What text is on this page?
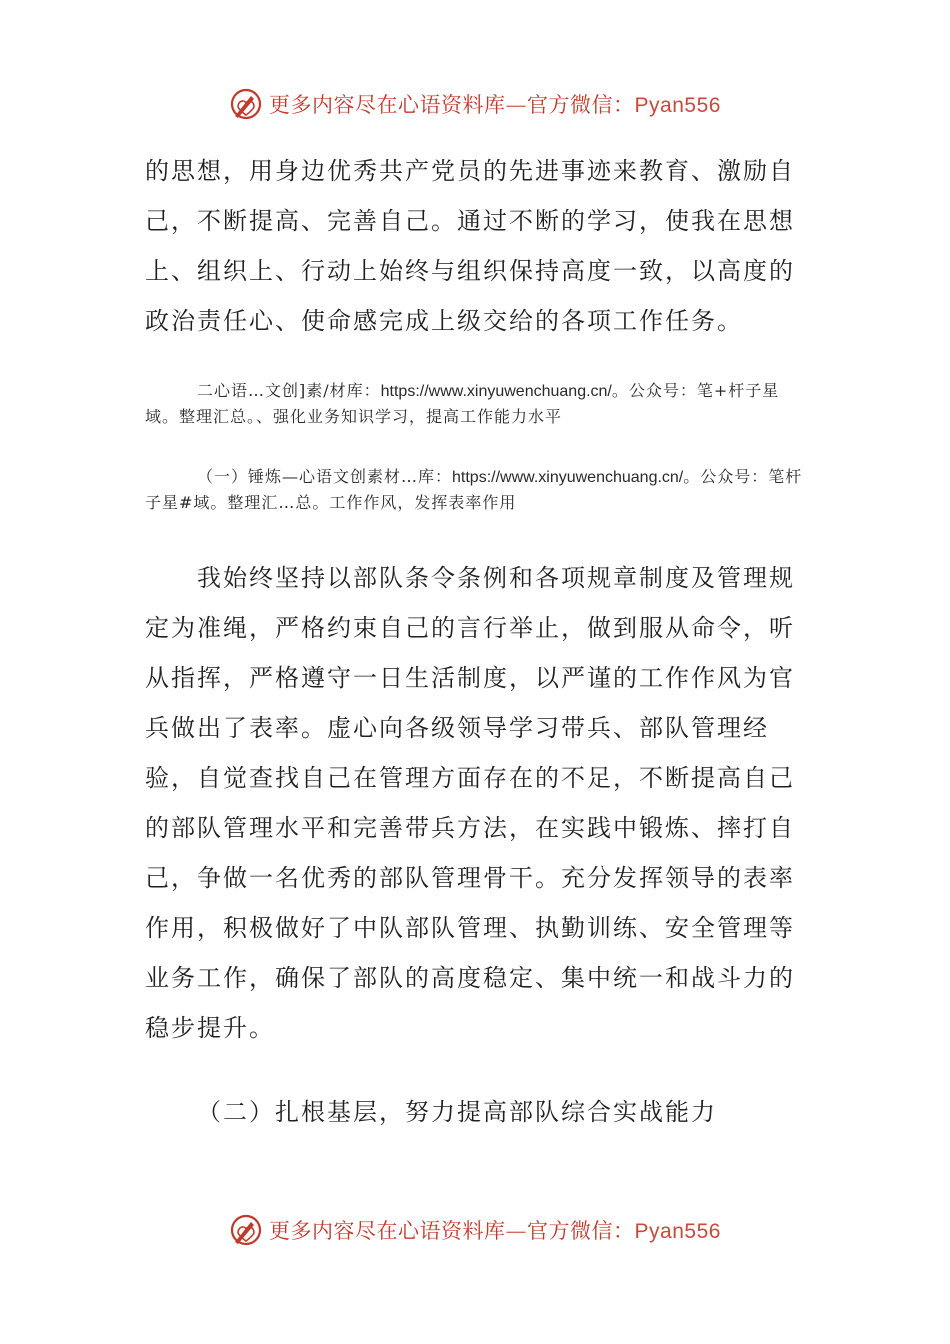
更多内容尽在心语资料库—官方微信：Pyan556

的思想，用身边优秀共产党员的先进事迹来教育、激励自己，不断提高、完善自己。通过不断的学习，使我在思想上、组织上、行动上始终与组织保持高度一致，以高度的政治责任心、使命感完成上级交给的各项工作任务。

二心语…文创]素/材库：https://www.xinyuwenchuang.cn/。公众号：笔+杆子星域。整理汇总。、强化业务知识学习，提高工作能力水平

（一）锤炼—心语文创素材…库：https://www.xinyuwenchuang.cn/。公众号：笔杆子星#域。整理汇…总。工作作风，发挥表率作用

我始终坚持以部队条令条例和各项规章制度及管理规定为准绳，严格约束自己的言行举止，做到服从命令，听从指挥，严格遵守一日生活制度，以严谨的工作作风为官兵做出了表率。虚心向各级领导学习带兵、部队管理经验，自觉查找自己在管理方面存在的不足，不断提高自己的部队管理水平和完善带兵方法，在实践中锻炼、摔打自己，争做一名优秀的部队管理骨干。充分发挥领导的表率作用，积极做好了中队部队管理、执勤训练、安全管理等业务工作，确保了部队的高度稳定、集中统一和战斗力的稳步提升。

（二）扎根基层，努力提高部队综合实战能力

更多内容尽在心语资料库—官方微信：Pyan556
